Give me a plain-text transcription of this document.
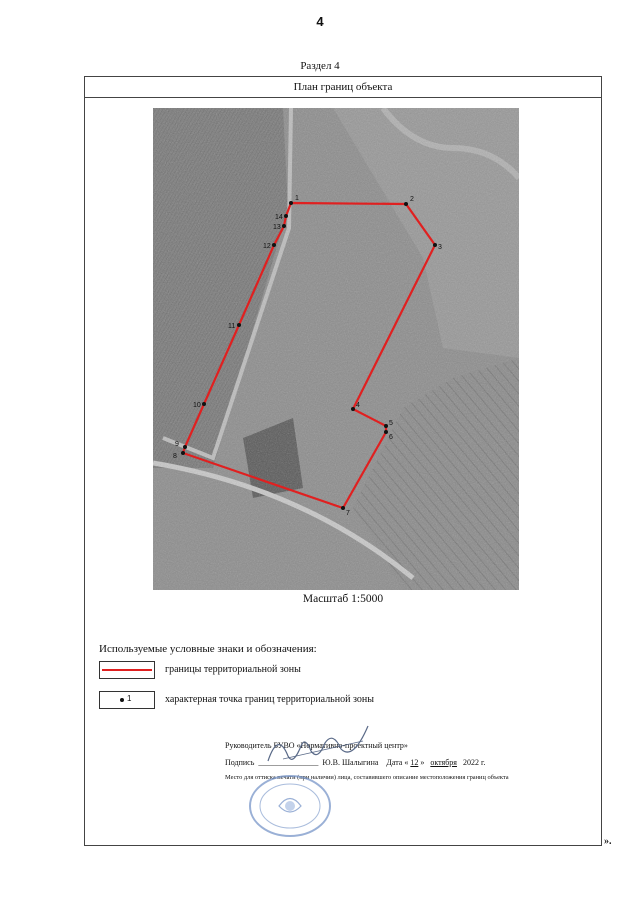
4
Раздел 4
План границ объекта
1	2
3
4
5
6
7
8
9
10
11
12
13
14
Масштаб 1:5000
Используемые условные знаки и обозначения:
границы территориальной зоны
1	характерная точка границ территориальной зоны
Руководитель БУВО «Нормативно-проектный центр»
Подпись  _______________  Ю.В. Шалыгина Дата « 12 » октября 2022 г.
Место для оттиска печати (при наличии) лица, составившего описание местоположения границ объекта
».
